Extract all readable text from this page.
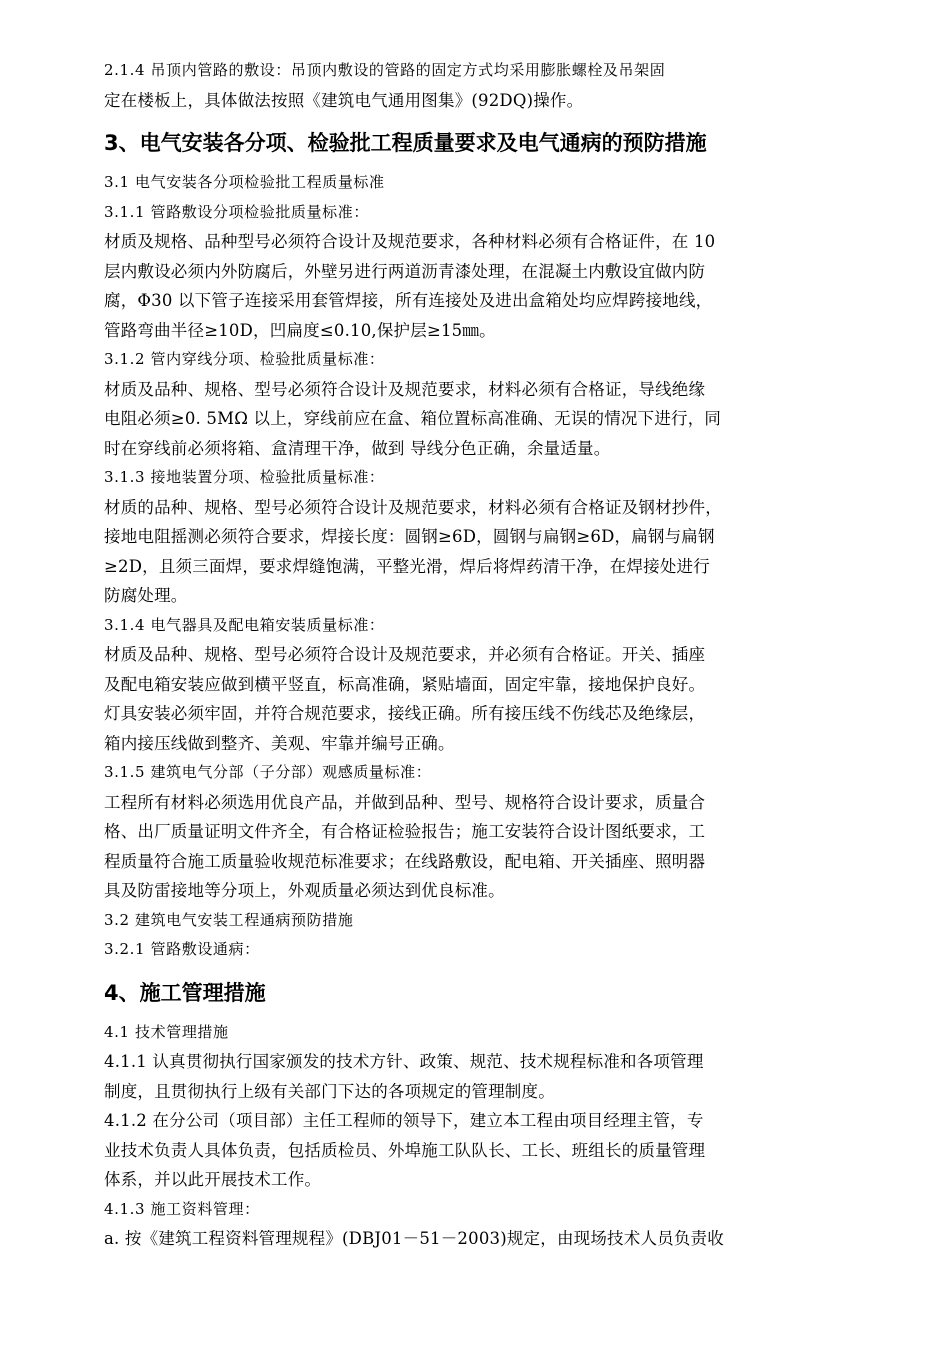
2.1.4 吊顶内管路的敷设：吊顶内敷设的管路的固定方式均采用膨胀螺栓及吊架固
定在楼板上，具体做法按照《建筑电气通用图集》(92DQ)操作。
3、电气安装各分项、检验批工程质量要求及电气通病的预防措施
3.1 电气安装各分项检验批工程质量标准
3.1.1 管路敷设分项检验批质量标准：
材质及规格、品种型号必须符合设计及规范要求，各种材料必须有合格证件，在 10
层内敷设必须内外防腐后，外壁另进行两道沥青漆处理，在混凝土内敷设宜做内防
腐，Φ30 以下管子连接采用套管焊接，所有连接处及进出盒箱处均应焊跨接地线，
管路弯曲半径≥10D，凹扁度≤0.10,保护层≥15㎜。
3.1.2 管内穿线分项、检验批质量标准：
材质及品种、规格、型号必须符合设计及规范要求，材料必须有合格证，导线绝缘
电阻必须≥0. 5MΩ 以上，穿线前应在盒、箱位置标高准确、无误的情况下进行，同
时在穿线前必须将箱、盒清理干净，做到 导线分色正确，余量适量。
3.1.3 接地装置分项、检验批质量标准：
材质的品种、规格、型号必须符合设计及规范要求，材料必须有合格证及钢材抄件，
接地电阻摇测必须符合要求，焊接长度：圆钢≥6D，圆钢与扁钢≥6D，扁钢与扁钢
≥2D，且须三面焊，要求焊缝饱满，平整光滑，焊后将焊药清干净，在焊接处进行
防腐处理。
3.1.4 电气器具及配电箱安装质量标准：
材质及品种、规格、型号必须符合设计及规范要求，并必须有合格证。开关、插座
及配电箱安装应做到横平竖直，标高准确，紧贴墙面，固定牢靠，接地保护良好。
灯具安装必须牢固，并符合规范要求，接线正确。所有接压线不伤线芯及绝缘层，
箱内接压线做到整齐、美观、牢靠并编号正确。
3.1.5 建筑电气分部（子分部）观感质量标准：
工程所有材料必须选用优良产品，并做到品种、型号、规格符合设计要求，质量合
格、出厂质量证明文件齐全，有合格证检验报告；施工安装符合设计图纸要求，工
程质量符合施工质量验收规范标准要求；在线路敷设，配电箱、开关插座、照明器
具及防雷接地等分项上，外观质量必须达到优良标准。
3.2 建筑电气安装工程通病预防措施
3.2.1 管路敷设通病：
4、施工管理措施
4.1 技术管理措施
4.1.1 认真贯彻执行国家颁发的技术方针、政策、规范、技术规程标准和各项管理
制度，且贯彻执行上级有关部门下达的各项规定的管理制度。
4.1.2 在分公司（项目部）主任工程师的领导下，建立本工程由项目经理主管，专
业技术负责人具体负责，包括质检员、外埠施工队队长、工长、班组长的质量管理
体系，并以此开展技术工作。
4.1.3 施工资料管理：
a. 按《建筑工程资料管理规程》(DBJ01－51－2003)规定，由现场技术人员负责收
